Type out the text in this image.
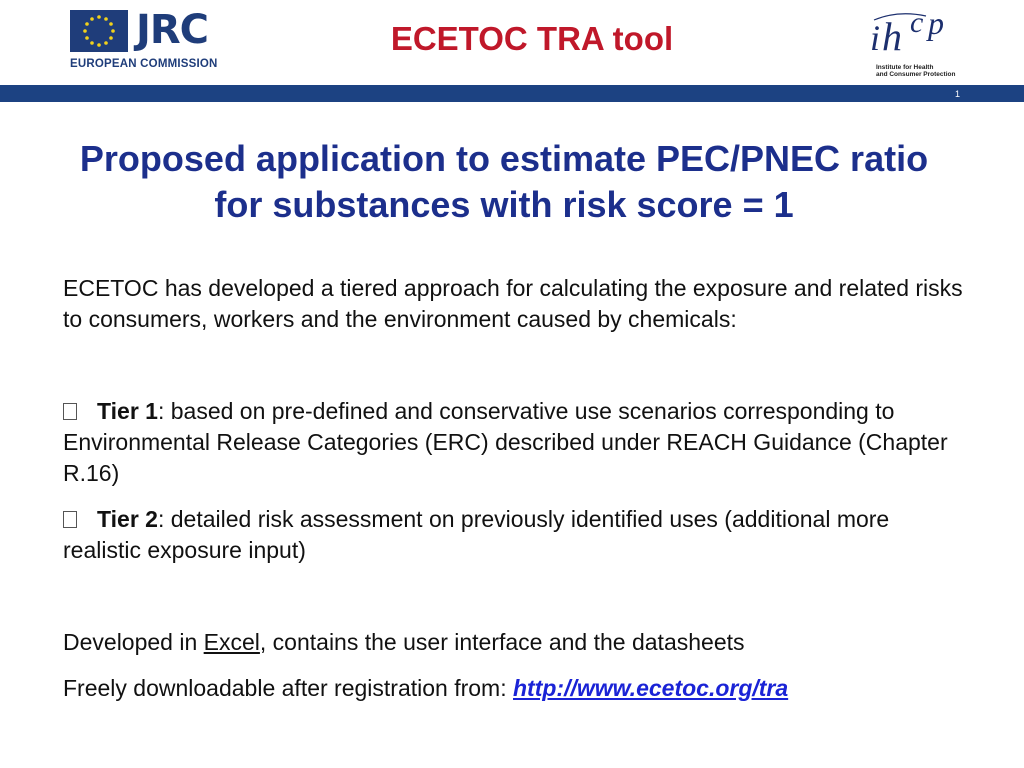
JRC
EUROPEAN COMMISSION
ECETOC TRA tool	i h c p
Institute for Health
and Consumer Protection
1
Proposed application to estimate PEC/PNEC ratio
for substances with risk score = 1

ECETOC has developed a tiered approach for calculating the exposure and related risks to consumers, workers and the environment caused by chemicals:

Tier 1: based on pre-defined and conservative use scenarios corresponding to Environmental Release Categories (ERC) described under REACH Guidance (Chapter R.16)

Tier 2: detailed risk assessment on previously identified uses (additional more realistic exposure input)

Developed in Excel, contains the user interface and the datasheets

Freely downloadable after registration from: http://www.ecetoc.org/tra
